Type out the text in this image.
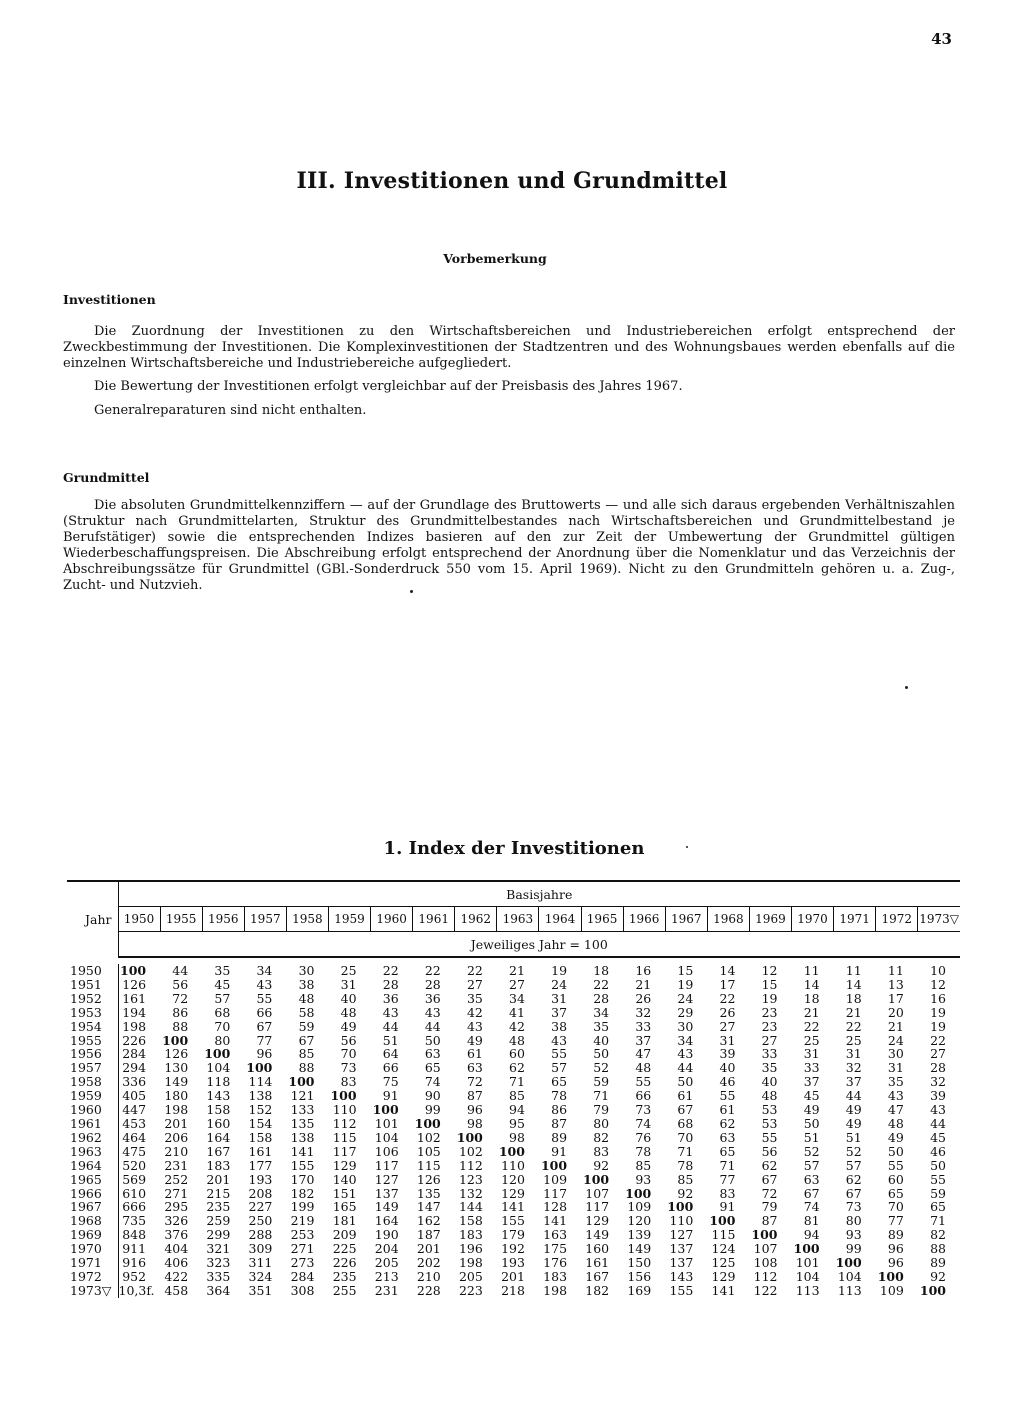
43
III. Investitionen und Grundmittel
Vorbemerkung
Investitionen

Die Zuordnung der Investitionen zu den Wirtschaftsbereichen und Industriebereichen erfolgt entsprechend der Zweckbestimmung der Investitionen. Die Komplexinvestitionen der Stadtzentren und des Wohnungsbaues werden ebenfalls auf die einzelnen Wirtschaftsbereiche und Industriebereiche aufgegliedert.

Die Bewertung der Investitionen erfolgt vergleichbar auf der Preisbasis des Jahres 1967.

Generalreparaturen sind nicht enthalten.

Grundmittel

Die absoluten Grundmittelkennziffern — auf der Grundlage des Bruttowerts — und alle sich daraus ergebenden Verhältniszahlen (Struktur nach Grundmittelarten, Struktur des Grundmittelbestandes nach Wirtschaftsbereichen und Grundmittelbestand je Berufstätiger) sowie die entsprechenden Indizes basieren auf den zur Zeit der Umbewertung der Grundmittel gültigen Wiederbeschaffungspreisen. Die Abschreibung erfolgt entsprechend der Anordnung über die Nomenklatur und das Verzeichnis der Abschreibungssätze für Grundmittel (GBl.-Sonderdruck 550 vom 15. April 1969). Nicht zu den Grundmitteln gehören u. a. Zug-, Zucht- und Nutzvieh.

1. Index der Investitionen

Jahr	Basisjahre																			
	1950	1955	1956	1957	1958	1959	1960	1961	1962	1963	1964	1965	1966	1967	1968	1969	1970	1971	1972	1973▽
	Jeweiliges Jahr = 100																			

1950	100	44	35	34	30	25	22	22	22	21	19	18	16	15	14	12	11	11	11	10
1951	126	56	45	43	38	31	28	28	27	27	24	22	21	19	17	15	14	14	13	12
1952	161	72	57	55	48	40	36	36	35	34	31	28	26	24	22	19	18	18	17	16
1953	194	86	68	66	58	48	43	43	42	41	37	34	32	29	26	23	21	21	20	19
1954	198	88	70	67	59	49	44	44	43	42	38	35	33	30	27	23	22	22	21	19
1955	226	100	80	77	67	56	51	50	49	48	43	40	37	34	31	27	25	25	24	22
1956	284	126	100	96	85	70	64	63	61	60	55	50	47	43	39	33	31	31	30	27
1957	294	130	104	100	88	73	66	65	63	62	57	52	48	44	40	35	33	32	31	28
1958	336	149	118	114	100	83	75	74	72	71	65	59	55	50	46	40	37	37	35	32
1959	405	180	143	138	121	100	91	90	87	85	78	71	66	61	55	48	45	44	43	39
1960	447	198	158	152	133	110	100	99	96	94	86	79	73	67	61	53	49	49	47	43
1961	453	201	160	154	135	112	101	100	98	95	87	80	74	68	62	53	50	49	48	44
1962	464	206	164	158	138	115	104	102	100	98	89	82	76	70	63	55	51	51	49	45
1963	475	210	167	161	141	117	106	105	102	100	91	83	78	71	65	56	52	52	50	46
1964	520	231	183	177	155	129	117	115	112	110	100	92	85	78	71	62	57	57	55	50
1965	569	252	201	193	170	140	127	126	123	120	109	100	93	85	77	67	63	62	60	55
1966	610	271	215	208	182	151	137	135	132	129	117	107	100	92	83	72	67	67	65	59
1967	666	295	235	227	199	165	149	147	144	141	128	117	109	100	91	79	74	73	70	65
1968	735	326	259	250	219	181	164	162	158	155	141	129	120	110	100	87	81	80	77	71
1969	848	376	299	288	253	209	190	187	183	179	163	149	139	127	115	100	94	93	89	82
1970	911	404	321	309	271	225	204	201	196	192	175	160	149	137	124	107	100	99	96	88
1971	916	406	323	311	273	226	205	202	198	193	176	161	150	137	125	108	101	100	96	89
1972	952	422	335	324	284	235	213	210	205	201	183	167	156	143	129	112	104	104	100	92
1973▽	10,3f.	458	364	351	308	255	231	228	223	218	198	182	169	155	141	122	113	113	109	100
